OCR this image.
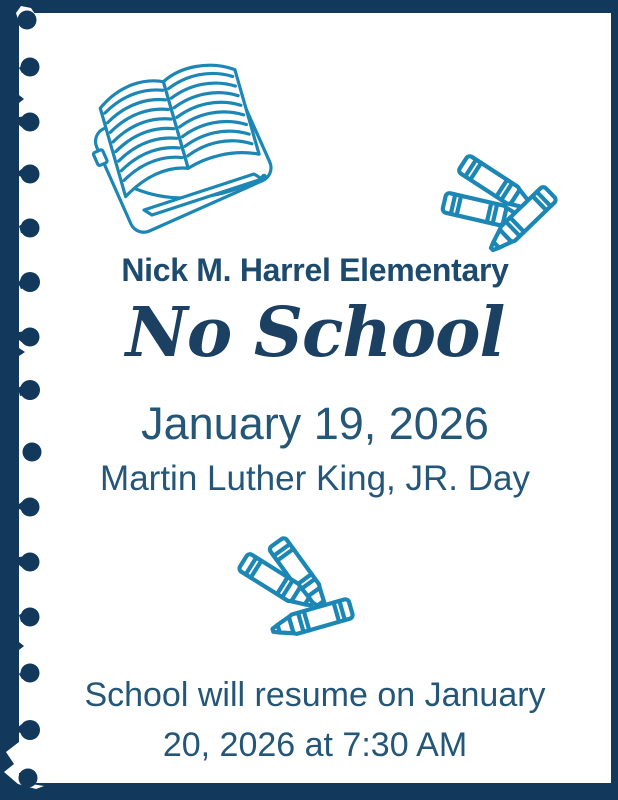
Nick M. Harrel Elementary
No School
January 19, 2026
Martin Luther King, JR. Day
School will resume on January
20, 2026 at 7:30 AM
